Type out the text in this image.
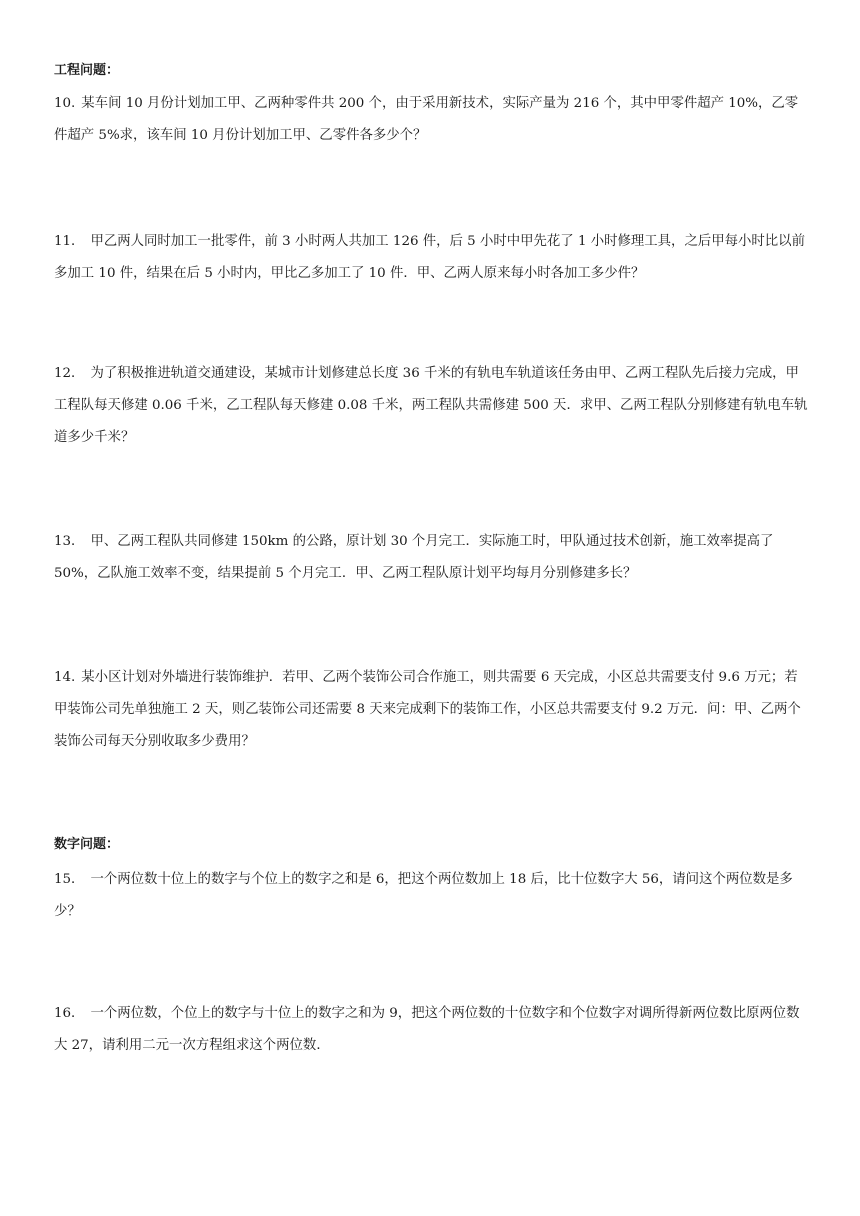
工程问题：
10. 某车间 10 月份计划加工甲、乙两种零件共 200 个，由于采用新技术，实际产量为 216 个，其中甲零件超产 10%，乙零件超产 5%求，该车间 10 月份计划加工甲、乙零件各多少个？
11． 甲乙两人同时加工一批零件，前 3 小时两人共加工 126 件，后 5 小时中甲先花了 1 小时修理工具，之后甲每小时比以前多加工 10 件，结果在后 5 小时内，甲比乙多加工了 10 件．甲、乙两人原来每小时各加工多少件？
12． 为了积极推进轨道交通建设，某城市计划修建总长度 36 千米的有轨电车轨道该任务由甲、乙两工程队先后接力完成，甲工程队每天修建 0.06 千米，乙工程队每天修建 0.08 千米，两工程队共需修建 500 天．求甲、乙两工程队分别修建有轨电车轨道多少千米？
13． 甲、乙两工程队共同修建 150km 的公路，原计划 30 个月完工．实际施工时，甲队通过技术创新，施工效率提高了 50%，乙队施工效率不变，结果提前 5 个月完工．甲、乙两工程队原计划平均每月分别修建多长？
14. 某小区计划对外墙进行装饰维护．若甲、乙两个装饰公司合作施工，则共需要 6 天完成，小区总共需要支付 9.6 万元；若甲装饰公司先单独施工 2 天，则乙装饰公司还需要 8 天来完成剩下的装饰工作，小区总共需要支付 9.2 万元．问：甲、乙两个装饰公司每天分别收取多少费用？
数字问题：
15． 一个两位数十位上的数字与个位上的数字之和是 6，把这个两位数加上 18 后，比十位数字大 56，请问这个两位数是多少？
16． 一个两位数，个位上的数字与十位上的数字之和为 9，把这个两位数的十位数字和个位数字对调所得新两位数比原两位数大 27，请利用二元一次方程组求这个两位数．
